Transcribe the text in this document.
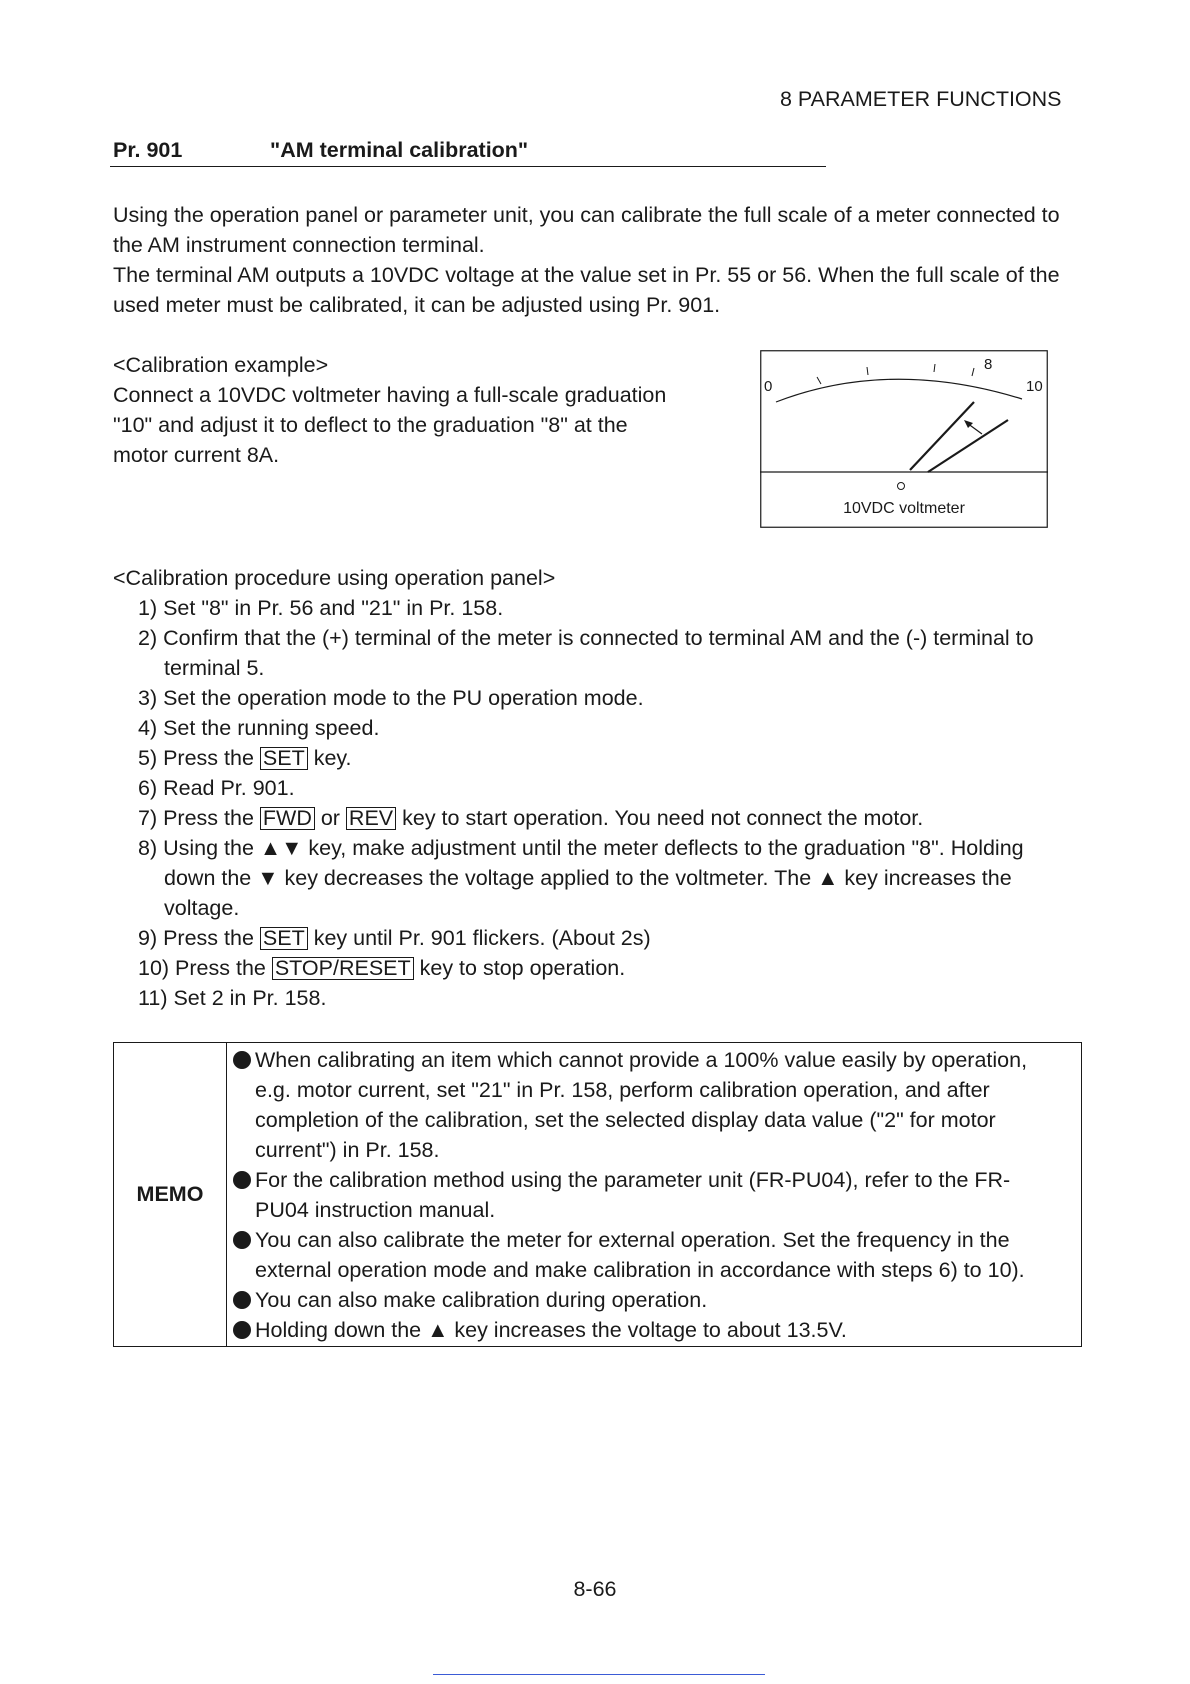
8 PARAMETER FUNCTIONS
Pr. 901	"AM terminal calibration"
Using the operation panel or parameter unit, you can calibrate the full scale of a meter connected to
the AM instrument connection terminal.
The terminal AM outputs a 10VDC voltage at the value set in Pr. 55 or 56. When the full scale of the
used meter must be calibrated, it can be adjusted using Pr. 901.
<Calibration example>
Connect a 10VDC voltmeter having a full-scale graduation
"10" and adjust it to deflect to the graduation "8" at the
motor current 8A.
0
8
10
10VDC voltmeter
<Calibration procedure using operation panel>
1) Set "8" in Pr. 56 and "21" in Pr. 158.
2) Confirm that the (+) terminal of the meter is connected to terminal AM and the (-) terminal to
terminal 5.
3) Set the operation mode to the PU operation mode.
4) Set the running speed.
5) Press the SET key.
6) Read Pr. 901.
7) Press the FWD or REV key to start operation. You need not connect the motor.
8) Using the ▲▼ key, make adjustment until the meter deflects to the graduation "8". Holding
down the ▼ key decreases the voltage applied to the voltmeter. The ▲ key increases the
voltage.
9) Press the SET key until Pr. 901 flickers. (About 2s)
10) Press the STOP/RESET key to stop operation.
11) Set 2 in Pr. 158.
MEMO	
When calibrating an item which cannot provide a 100% value easily by operation,
e.g. motor current, set "21" in Pr. 158, perform calibration operation, and after
completion of the calibration, set the selected display data value ("2" for motor
current") in Pr. 158.
For the calibration method using the parameter unit (FR-PU04), refer to the FR-
PU04 instruction manual.
You can also calibrate the meter for external operation. Set the frequency in the
external operation mode and make calibration in accordance with steps 6) to 10).
You can also make calibration during operation.
Holding down the ▲ key increases the voltage to about 13.5V.
8-66
